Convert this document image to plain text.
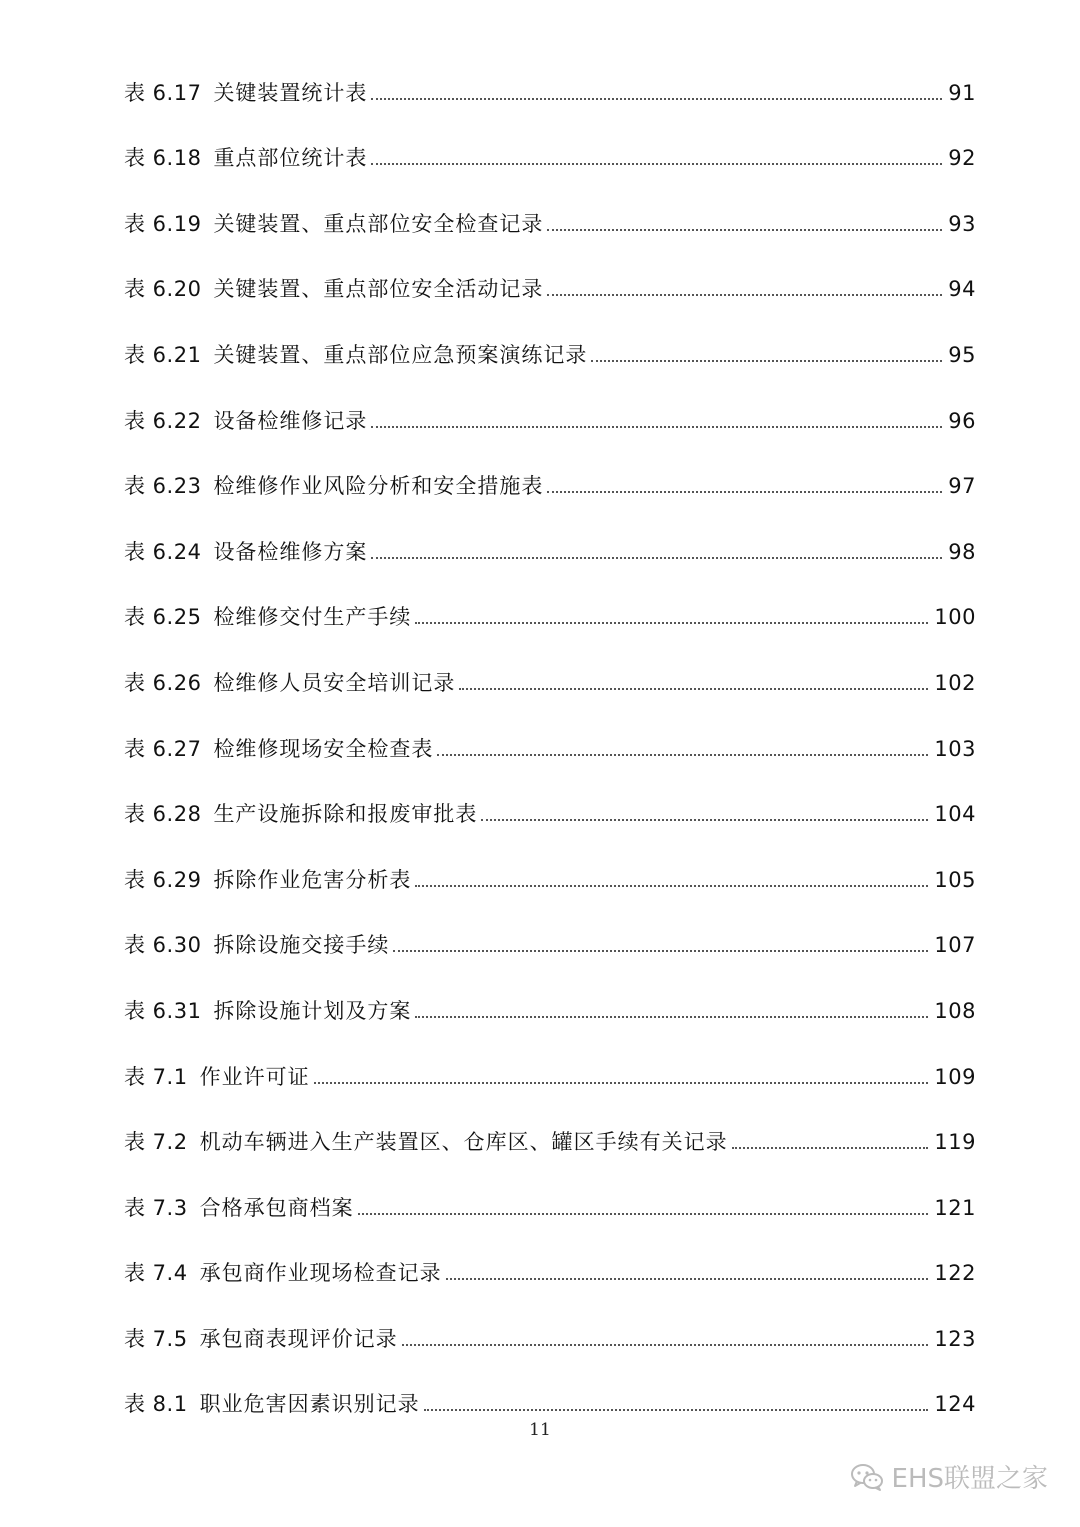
表 6.17 关键装置统计表	91
表 6.18 重点部位统计表	92
表 6.19 关键装置、重点部位安全检查记录	93
表 6.20 关键装置、重点部位安全活动记录	94
表 6.21 关键装置、重点部位应急预案演练记录	95
表 6.22 设备检维修记录	96
表 6.23 检维修作业风险分析和安全措施表	97
表 6.24 设备检维修方案	98
表 6.25 检维修交付生产手续	100
表 6.26 检维修人员安全培训记录	102
表 6.27 检维修现场安全检查表	103
表 6.28 生产设施拆除和报废审批表	104
表 6.29 拆除作业危害分析表	105
表 6.30 拆除设施交接手续	107
表 6.31 拆除设施计划及方案	108
表 7.1 作业许可证	109
表 7.2 机动车辆进入生产装置区、仓库区、罐区手续有关记录	119
表 7.3 合格承包商档案	121
表 7.4 承包商作业现场检查记录	122
表 7.5 承包商表现评价记录	123
表 8.1 职业危害因素识别记录	124
11
EHS联盟之家
